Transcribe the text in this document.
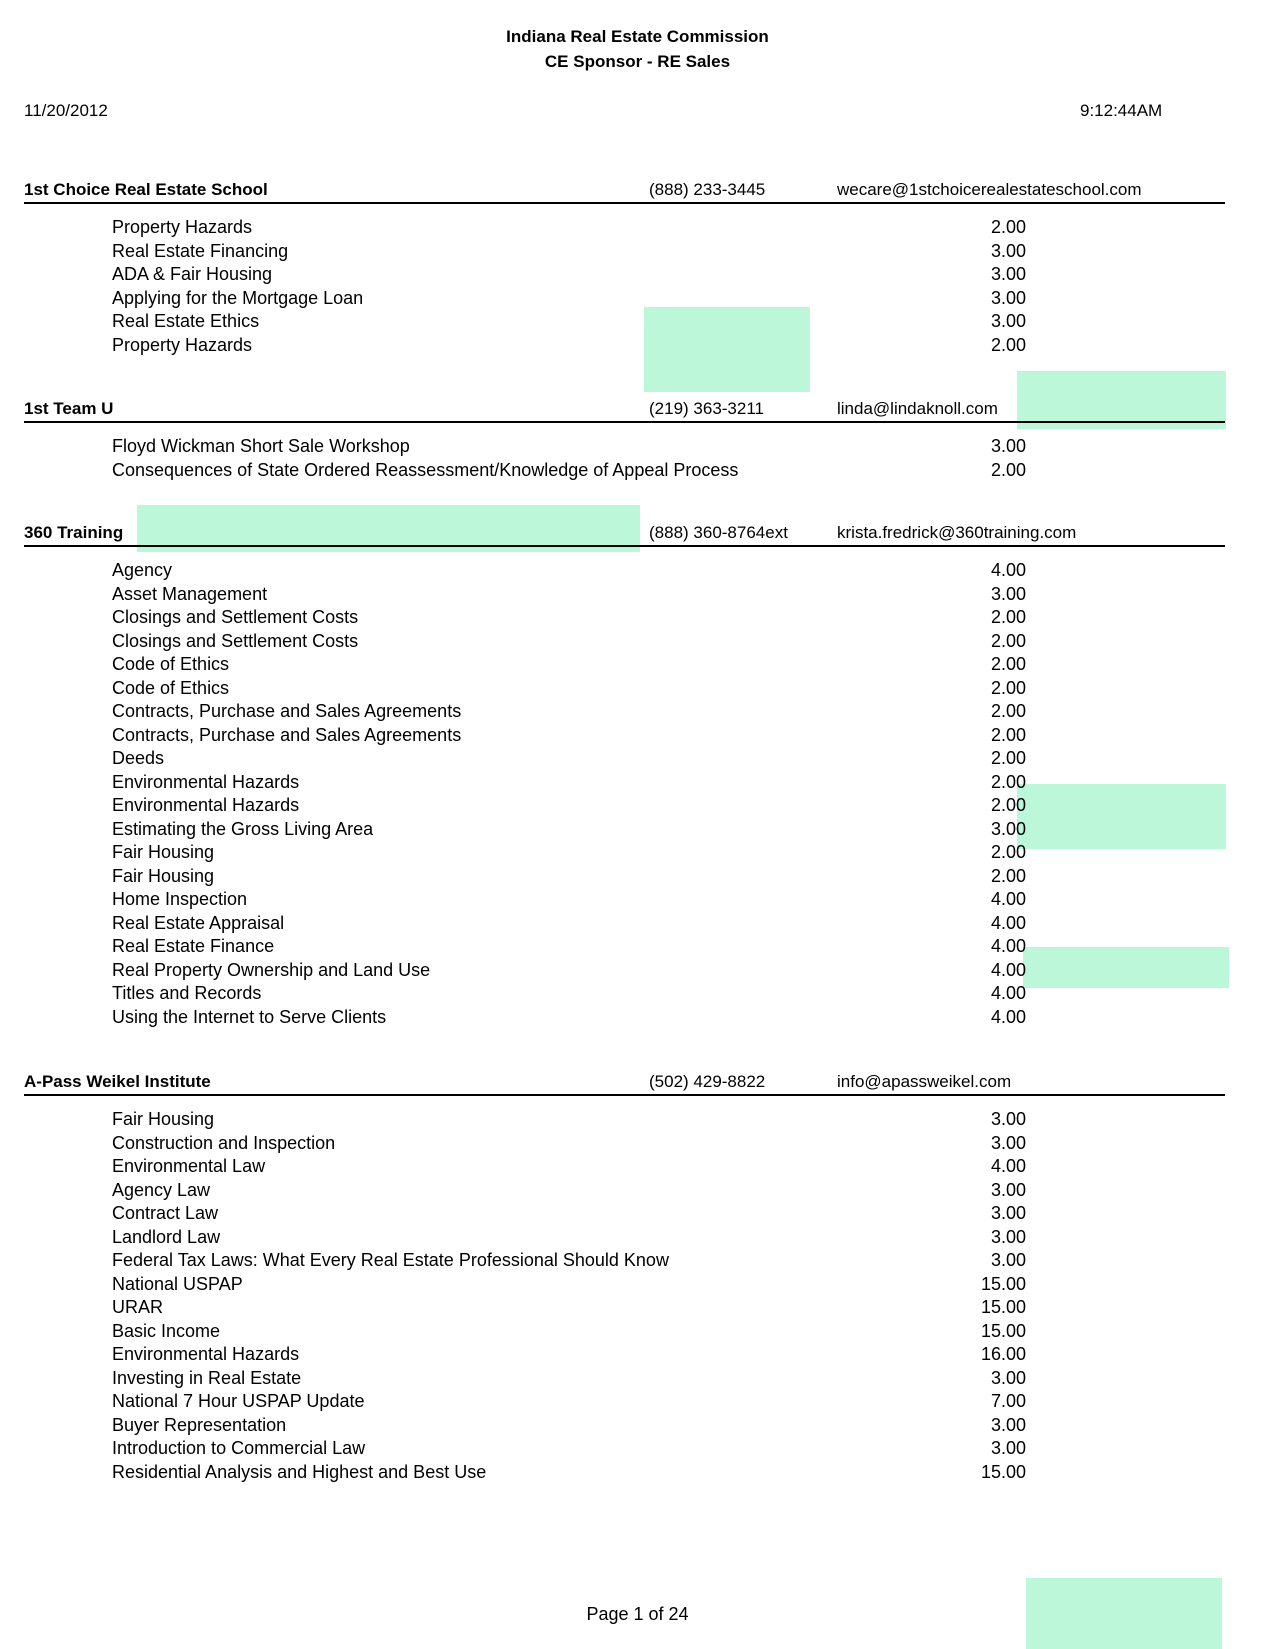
Indiana Real Estate Commission
CE Sponsor - RE Sales
11/20/2012	9:12:44AM
1st Choice Real Estate School	(888) 233-3445	wecare@1stchoicerealestateschool.com
Property Hazards	2.00
Real Estate Financing	3.00
ADA & Fair Housing	3.00
Applying for the Mortgage Loan	3.00
Real Estate Ethics	3.00
Property Hazards	2.00
1st Team U	(219) 363-3211	linda@lindaknoll.com
Floyd Wickman Short Sale Workshop	3.00
Consequences of State Ordered Reassessment/Knowledge of Appeal Process	2.00
360 Training	(888) 360-8764ext	krista.fredrick@360training.com
Agency	4.00
Asset Management	3.00
Closings and Settlement Costs	2.00
Closings and Settlement Costs	2.00
Code of Ethics	2.00
Code of Ethics	2.00
Contracts, Purchase and Sales Agreements	2.00
Contracts, Purchase and Sales Agreements	2.00
Deeds	2.00
Environmental Hazards	2.00
Environmental Hazards	2.00
Estimating the Gross Living Area	3.00
Fair Housing	2.00
Fair Housing	2.00
Home Inspection	4.00
Real Estate Appraisal	4.00
Real Estate Finance	4.00
Real Property Ownership and Land Use	4.00
Titles and Records	4.00
Using the Internet to Serve Clients	4.00
A-Pass Weikel Institute	(502) 429-8822	info@apassweikel.com
Fair Housing	3.00
Construction and Inspection	3.00
Environmental Law	4.00
Agency Law	3.00
Contract Law	3.00
Landlord Law	3.00
Federal Tax Laws: What Every Real Estate Professional Should Know	3.00
National USPAP	15.00
URAR	15.00
Basic Income	15.00
Environmental Hazards	16.00
Investing in Real Estate	3.00
National 7 Hour USPAP Update	7.00
Buyer Representation	3.00
Introduction to Commercial Law	3.00
Residential Analysis and Highest and Best Use	15.00
Page 1 of 24
